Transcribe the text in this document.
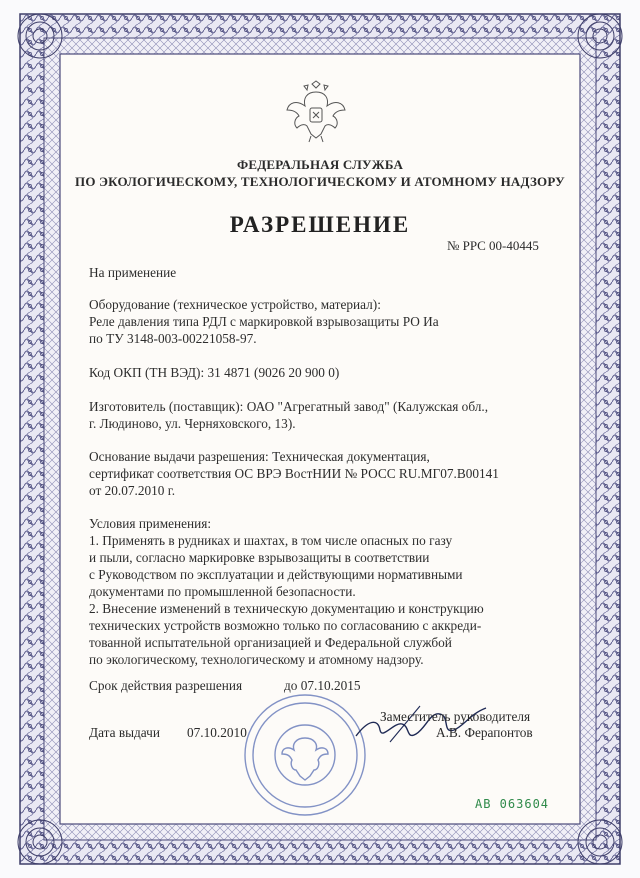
ФЕДЕРАЛЬНАЯ СЛУЖБА
ПО ЭКОЛОГИЧЕСКОМУ, ТЕХНОЛОГИЧЕСКОМУ И АТОМНОМУ НАДЗОРУ
РАЗРЕШЕНИЕ
№ PPC 00-40445
На применение
Оборудование (техническое устройство, материал):
Реле давления типа РДЛ с маркировкой взрывозащиты РО Иа
по ТУ 3148-003-00221058-97.
Код ОКП (ТН ВЭД): 31 4871 (9026 20 900 0)
Изготовитель (поставщик): ОАО "Агрегатный завод" (Калужская обл.,
г. Людиново, ул. Черняховского, 13).
Основание выдачи разрешения: Техническая документация,
сертификат соответствия ОС ВРЭ ВостНИИ № РОСС RU.МГ07.В00141
от 20.07.2010 г.
Условия применения:
1. Применять в рудниках и шахтах, в том числе опасных по газу
и пыли, согласно маркировке взрывозащиты в соответствии
с Руководством по эксплуатации и действующими нормативными
документами по промышленной безопасности.
2. Внесение изменений в техническую документацию и конструкцию
технических устройств возможно только по согласованию с аккреди-
тованной испытательной организацией и Федеральной службой
по экологическому, технологическому и атомному надзору.
Срок действия разрешения	до 07.10.2015
Заместитель руководителя
А.В. Ферапонтов
Дата выдачи 07.10.2010
АВ 063604
